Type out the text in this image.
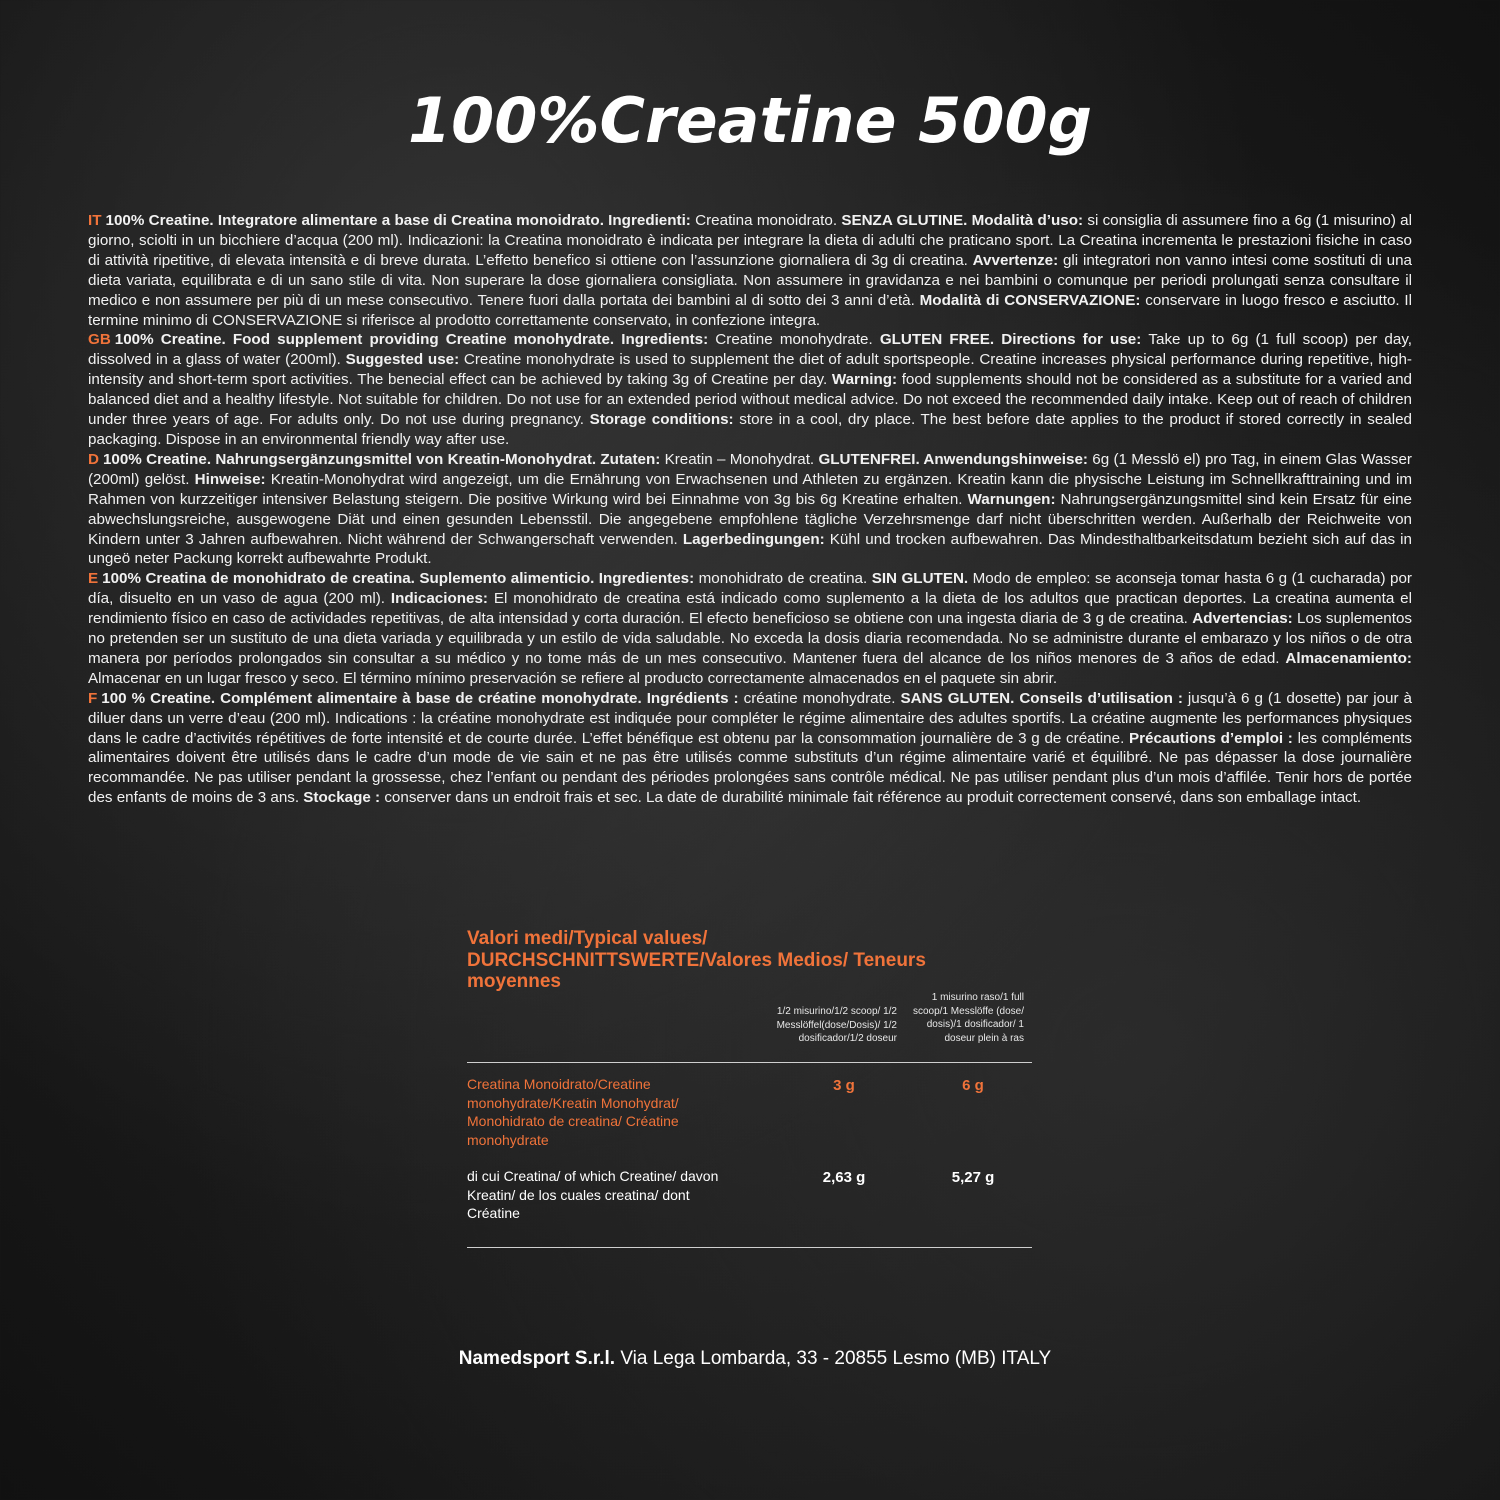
100%Creatine 500g

IT 100% Creatine. Integratore alimentare a base di Creatina monoidrato. Ingredienti: Creatina monoidrato. SENZA GLUTINE. Modalità d’uso: si consiglia di assumere fino a 6g (1 misurino) al giorno, sciolti in un bicchiere d’acqua (200 ml). Indicazioni: la Creatina monoidrato è indicata per integrare la dieta di adulti che praticano sport. La Creatina incrementa le prestazioni fisiche in caso di attività ripetitive, di elevata intensità e di breve durata. L’effetto benefico si ottiene con l’assunzione giornaliera di 3g di creatina. Avvertenze: gli integratori non vanno intesi come sostituti di una dieta variata, equilibrata e di un sano stile di vita. Non superare la dose giornaliera consigliata. Non assumere in gravidanza e nei bambini o comunque per periodi prolungati senza consultare il medico e non assumere per più di un mese consecutivo. Tenere fuori dalla portata dei bambini al di sotto dei 3 anni d’età. Modalità di CONSERVAZIONE: conservare in luogo fresco e asciutto. Il termine minimo di CONSERVAZIONE si riferisce al prodotto correttamente conservato, in confezione integra.

GB 100% Creatine. Food supplement providing Creatine monohydrate. Ingredients: Creatine monohydrate. GLUTEN FREE. Directions for use: Take up to 6g (1 full scoop) per day, dissolved in a glass of water (200ml). Suggested use: Creatine monohydrate is used to supplement the diet of adult sportspeople. Creatine increases physical performance during repetitive, high-intensity and short-term sport activities. The benecial effect can be achieved by taking 3g of Creatine per day. Warning: food supplements should not be considered as a substitute for a varied and balanced diet and a healthy lifestyle. Not suitable for children. Do not use for an extended period without medical advice. Do not exceed the recommended daily intake. Keep out of reach of children under three years of age. For adults only. Do not use during pregnancy. Storage conditions: store in a cool, dry place. The best before date applies to the product if stored correctly in sealed packaging. Dispose in an environmental friendly way after use.

D 100% Creatine. Nahrungsergänzungsmittel von Kreatin-Monohydrat. Zutaten: Kreatin – Monohydrat. GLUTENFREI. Anwendungshinweise: 6g (1 Messlö el) pro Tag, in einem Glas Wasser (200ml) gelöst. Hinweise: Kreatin-Monohydrat wird angezeigt, um die Ernährung von Erwachsenen und Athleten zu ergänzen. Kreatin kann die physische Leistung im Schnellkrafttraining und im Rahmen von kurzzeitiger intensiver Belastung steigern. Die positive Wirkung wird bei Einnahme von 3g bis 6g Kreatine erhalten. Warnungen: Nahrungsergänzungsmittel sind kein Ersatz für eine abwechslungsreiche, ausgewogene Diät und einen gesunden Lebensstil. Die angegebene empfohlene tägliche Verzehrsmenge darf nicht überschritten werden. Außerhalb der Reichweite von Kindern unter 3 Jahren aufbewahren. Nicht während der Schwangerschaft verwenden. Lagerbedingungen: Kühl und trocken aufbewahren. Das Mindesthaltbarkeitsdatum bezieht sich auf das in ungeö neter Packung korrekt aufbewahrte Produkt.

E 100% Creatina de monohidrato de creatina. Suplemento alimenticio. Ingredientes: monohidrato de creatina. SIN GLUTEN. Modo de empleo: se aconseja tomar hasta 6 g (1 cucharada) por día, disuelto en un vaso de agua (200 ml). Indicaciones: El monohidrato de creatina está indicado como suplemento a la dieta de los adultos que practican deportes. La creatina aumenta el rendimiento físico en caso de actividades repetitivas, de alta intensidad y corta duración. El efecto beneficioso se obtiene con una ingesta diaria de 3 g de creatina. Advertencias: Los suplementos no pretenden ser un sustituto de una dieta variada y equilibrada y un estilo de vida saludable. No exceda la dosis diaria recomendada. No se administre durante el embarazo y los niños o de otra manera por períodos prolongados sin consultar a su médico y no tome más de un mes consecutivo. Mantener fuera del alcance de los niños menores de 3 años de edad. Almacenamiento: Almacenar en un lugar fresco y seco. El término mínimo preservación se refiere al producto correctamente almacenados en el paquete sin abrir.

F 100 % Creatine. Complément alimentaire à base de créatine monohydrate. Ingrédients : créatine monohydrate. SANS GLUTEN. Conseils d’utilisation : jusqu’à 6 g (1 dosette) par jour à diluer dans un verre d’eau (200 ml). Indications : la créatine monohydrate est indiquée pour compléter le régime alimentaire des adultes sportifs. La créatine augmente les performances physiques dans le cadre d’activités répétitives de forte intensité et de courte durée. L’effet bénéfique est obtenu par la consommation journalière de 3 g de créatine. Précautions d’emploi : les compléments alimentaires doivent être utilisés dans le cadre d’un mode de vie sain et ne pas être utilisés comme substituts d’un régime alimentaire varié et équilibré. Ne pas dépasser la dose journalière recommandée. Ne pas utiliser pendant la grossesse, chez l’enfant ou pendant des périodes prolongées sans contrôle médical. Ne pas utiliser pendant plus d’un mois d’affilée. Tenir hors de portée des enfants de moins de 3 ans. Stockage : conserver dans un endroit frais et sec. La date de durabilité minimale fait référence au produit correctement conservé, dans son emballage intact.

Valori medi/Typical values/ DURCHSCHNITTSWERTE/Valores Medios/ Teneurs moyennes
1/2 misurino/1/2 scoop/ 1/2 Messlöffel(dose/Dosis)/ 1/2 dosificador/1/2 doseur
1 misurino raso/1 full scoop/1 Messlöffe (dose/ dosis)/1 dosificador/ 1 doseur plein à ras
Creatina Monoidrato/Creatine monohydrate/Kreatin Monohydrat/ Monohidrato de creatina/ Créatine monohydrate
3 g	6 g
di cui Creatina/ of which Creatine/ davon Kreatin/ de los cuales creatina/ dont Créatine
2,63 g	5,27 g
Namedsport S.r.l. Via Lega Lombarda, 33 - 20855 Lesmo (MB) ITALY
